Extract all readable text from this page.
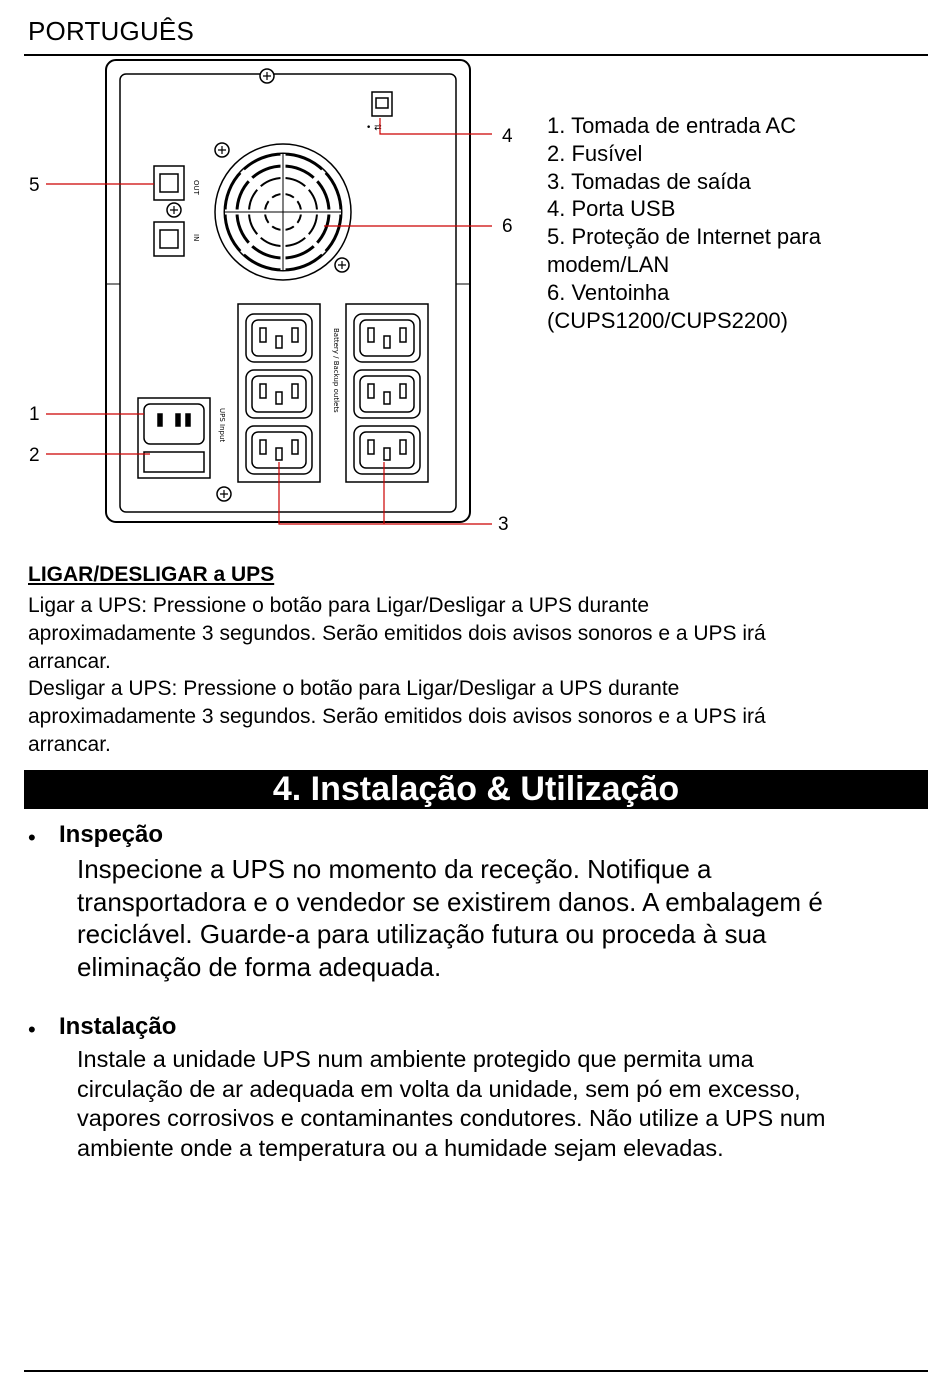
PORTUGUÊS
• ⇄
OUT
IN
UPS Input
Battery / Backup outlets
5
1
2
3
4
6
1. Tomada de entrada AC
2. Fusível
3. Tomadas de saída
4. Porta USB
5. Proteção de Internet para
modem/LAN
6. Ventoinha
(CUPS1200/CUPS2200)
LIGAR/DESLIGAR a UPS
Ligar a UPS: Pressione o botão para Ligar/Desligar a UPS durante
aproximadamente 3 segundos. Serão emitidos dois avisos sonoros e a UPS irá
arrancar.
Desligar a UPS: Pressione o botão para Ligar/Desligar a UPS durante
aproximadamente 3 segundos. Serão emitidos dois avisos sonoros e a UPS irá
arrancar.
4. Instalação & Utilização
• Inspeção
Inspecione a UPS no momento da receção. Notifique a
transportadora e o vendedor se existirem danos. A embalagem é
reciclável. Guarde-a para utilização futura ou proceda à sua
eliminação de forma adequada.
• Instalação
Instale a unidade UPS num ambiente protegido que permita uma
circulação de ar adequada em volta da unidade, sem pó em excesso,
vapores corrosivos e contaminantes condutores. Não utilize a UPS num
ambiente onde a temperatura ou a humidade sejam elevadas.
